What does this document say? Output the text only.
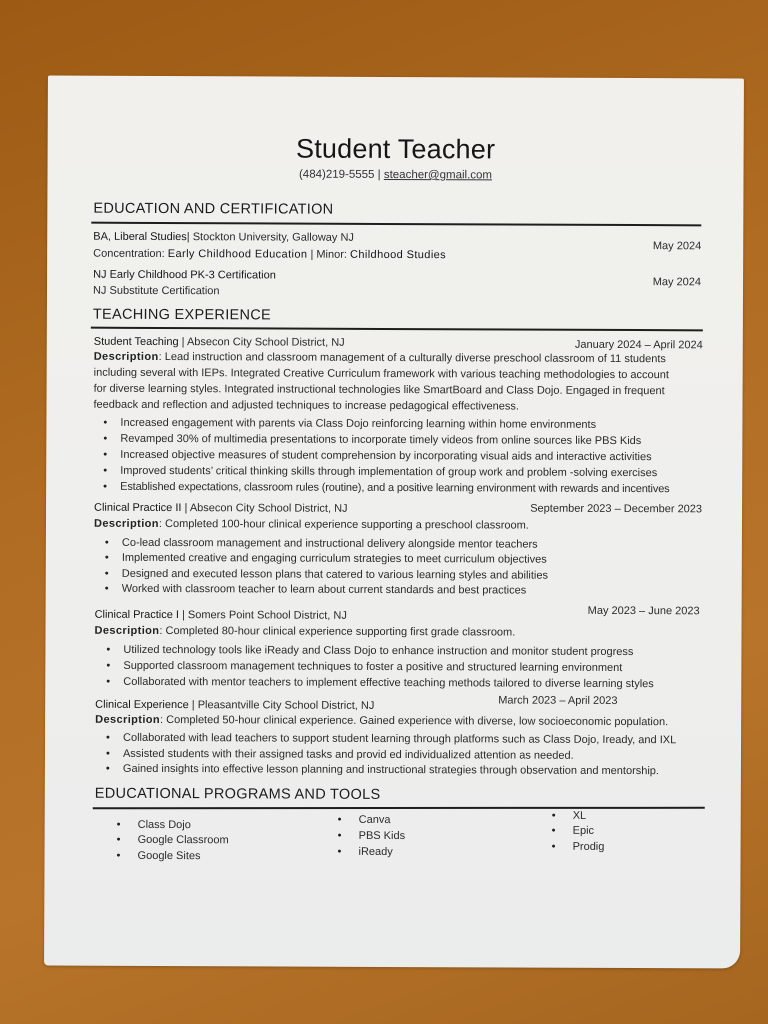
Student Teacher
(484)219-5555 | steacher@gmail.com
EDUCATION AND CERTIFICATION
BA, Liberal Studies| Stockton University, Galloway NJ
Concentration: Early Childhood Education | Minor: Childhood Studies
May 2024
NJ Early Childhood PK-3 Certification
NJ Substitute Certification
May 2024
TEACHING EXPERIENCE
Student Teaching | Absecon City School District, NJ	January 2024 – April 2024
Description: Lead instruction and classroom management of a culturally diverse preschool classroom of 11 students
including several with IEPs. Integrated Creative Curriculum framework with various teaching methodologies to account
for diverse learning styles. Integrated instructional technologies like SmartBoard and Class Dojo. Engaged in frequent
feedback and reflection and adjusted techniques to increase pedagogical effectiveness.
• Increased engagement with parents via Class Dojo reinforcing learning within home environments
• Revamped 30% of multimedia presentations to incorporate timely videos from online sources like PBS Kids
• Increased objective measures of student comprehension by incorporating visual aids and interactive activities
• Improved students’ critical thinking skills through implementation of group work and problem -solving exercises
• Established expectations, classroom rules (routine), and a positive learning environment with rewards and incentives
Clinical Practice II | Absecon City School District, NJ	September 2023 – December 2023
Description: Completed 100-hour clinical experience supporting a preschool classroom.
• Co-lead classroom management and instructional delivery alongside mentor teachers
• Implemented creative and engaging curriculum strategies to meet curriculum objectives
• Designed and executed lesson plans that catered to various learning styles and abilities
• Worked with classroom teacher to learn about current standards and best practices
Clinical Practice I | Somers Point School District, NJ	May 2023 – June 2023
Description: Completed 80-hour clinical experience supporting first grade classroom.
• Utilized technology tools like iReady and Class Dojo to enhance instruction and monitor student progress
• Supported classroom management techniques to foster a positive and structured learning environment
• Collaborated with mentor teachers to implement effective teaching methods tailored to diverse learning styles
Clinical Experience | Pleasantville City School District, NJ	March 2023 – April 2023
Description: Completed 50-hour clinical experience. Gained experience with diverse, low socioeconomic population.
• Collaborated with lead teachers to support student learning through platforms such as Class Dojo, Iready, and IXL
• Assisted students with their assigned tasks and provid ed individualized attention as needed.
• Gained insights into effective lesson planning and instructional strategies through observation and mentorship.
EDUCATIONAL PROGRAMS AND TOOLS
• Class Dojo
• Google Classroom
• Google Sites
• Canva
• PBS Kids
• iReady
• XL
• Epic
• Prodig
